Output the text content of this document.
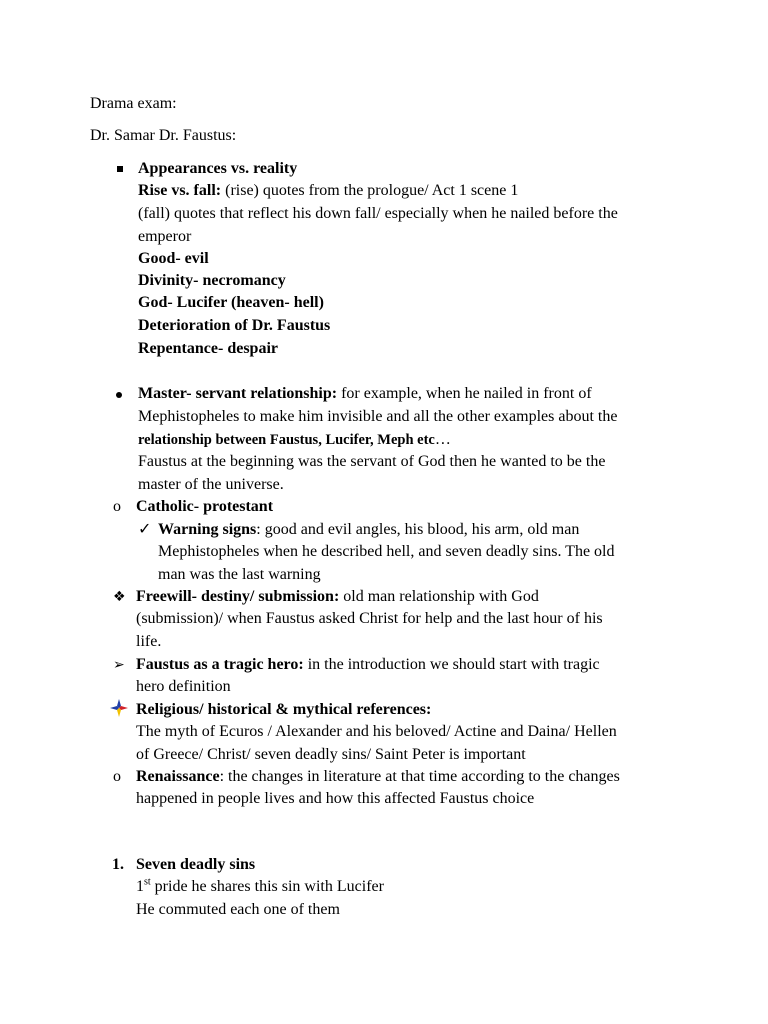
Drama exam:
Dr. Samar Dr. Faustus:
Appearances vs. reality
Rise vs. fall: (rise) quotes from the prologue/ Act 1 scene 1
(fall) quotes that reflect his down fall/ especially when he nailed before the
emperor
Good- evil
Divinity- necromancy
God- Lucifer (heaven- hell)
Deterioration of Dr. Faustus
Repentance- despair
Master- servant relationship: for example, when he nailed in front of
Mephistopheles to make him invisible and all the other examples about the
relationship between Faustus, Lucifer, Meph etc…
Faustus at the beginning was the servant of God then he wanted to be the
master of the universe.
o Catholic- protestant
✓ Warning signs: good and evil angles, his blood, his arm, old man
Mephistopheles when he described hell, and seven deadly sins. The old
man was the last warning
❖ Freewill- destiny/ submission: old man relationship with God
(submission)/ when Faustus asked Christ for help and the last hour of his
life.
➢ Faustus as a tragic hero: in the introduction we should start with tragic
hero definition
Religious/ historical & mythical references:
The myth of Ecuros / Alexander and his beloved/ Actine and Daina/ Hellen
of Greece/ Christ/ seven deadly sins/ Saint Peter is important
o Renaissance: the changes in literature at that time according to the changes
happened in people lives and how this affected Faustus choice
1. Seven deadly sins
1st pride he shares this sin with Lucifer
He commuted each one of them
